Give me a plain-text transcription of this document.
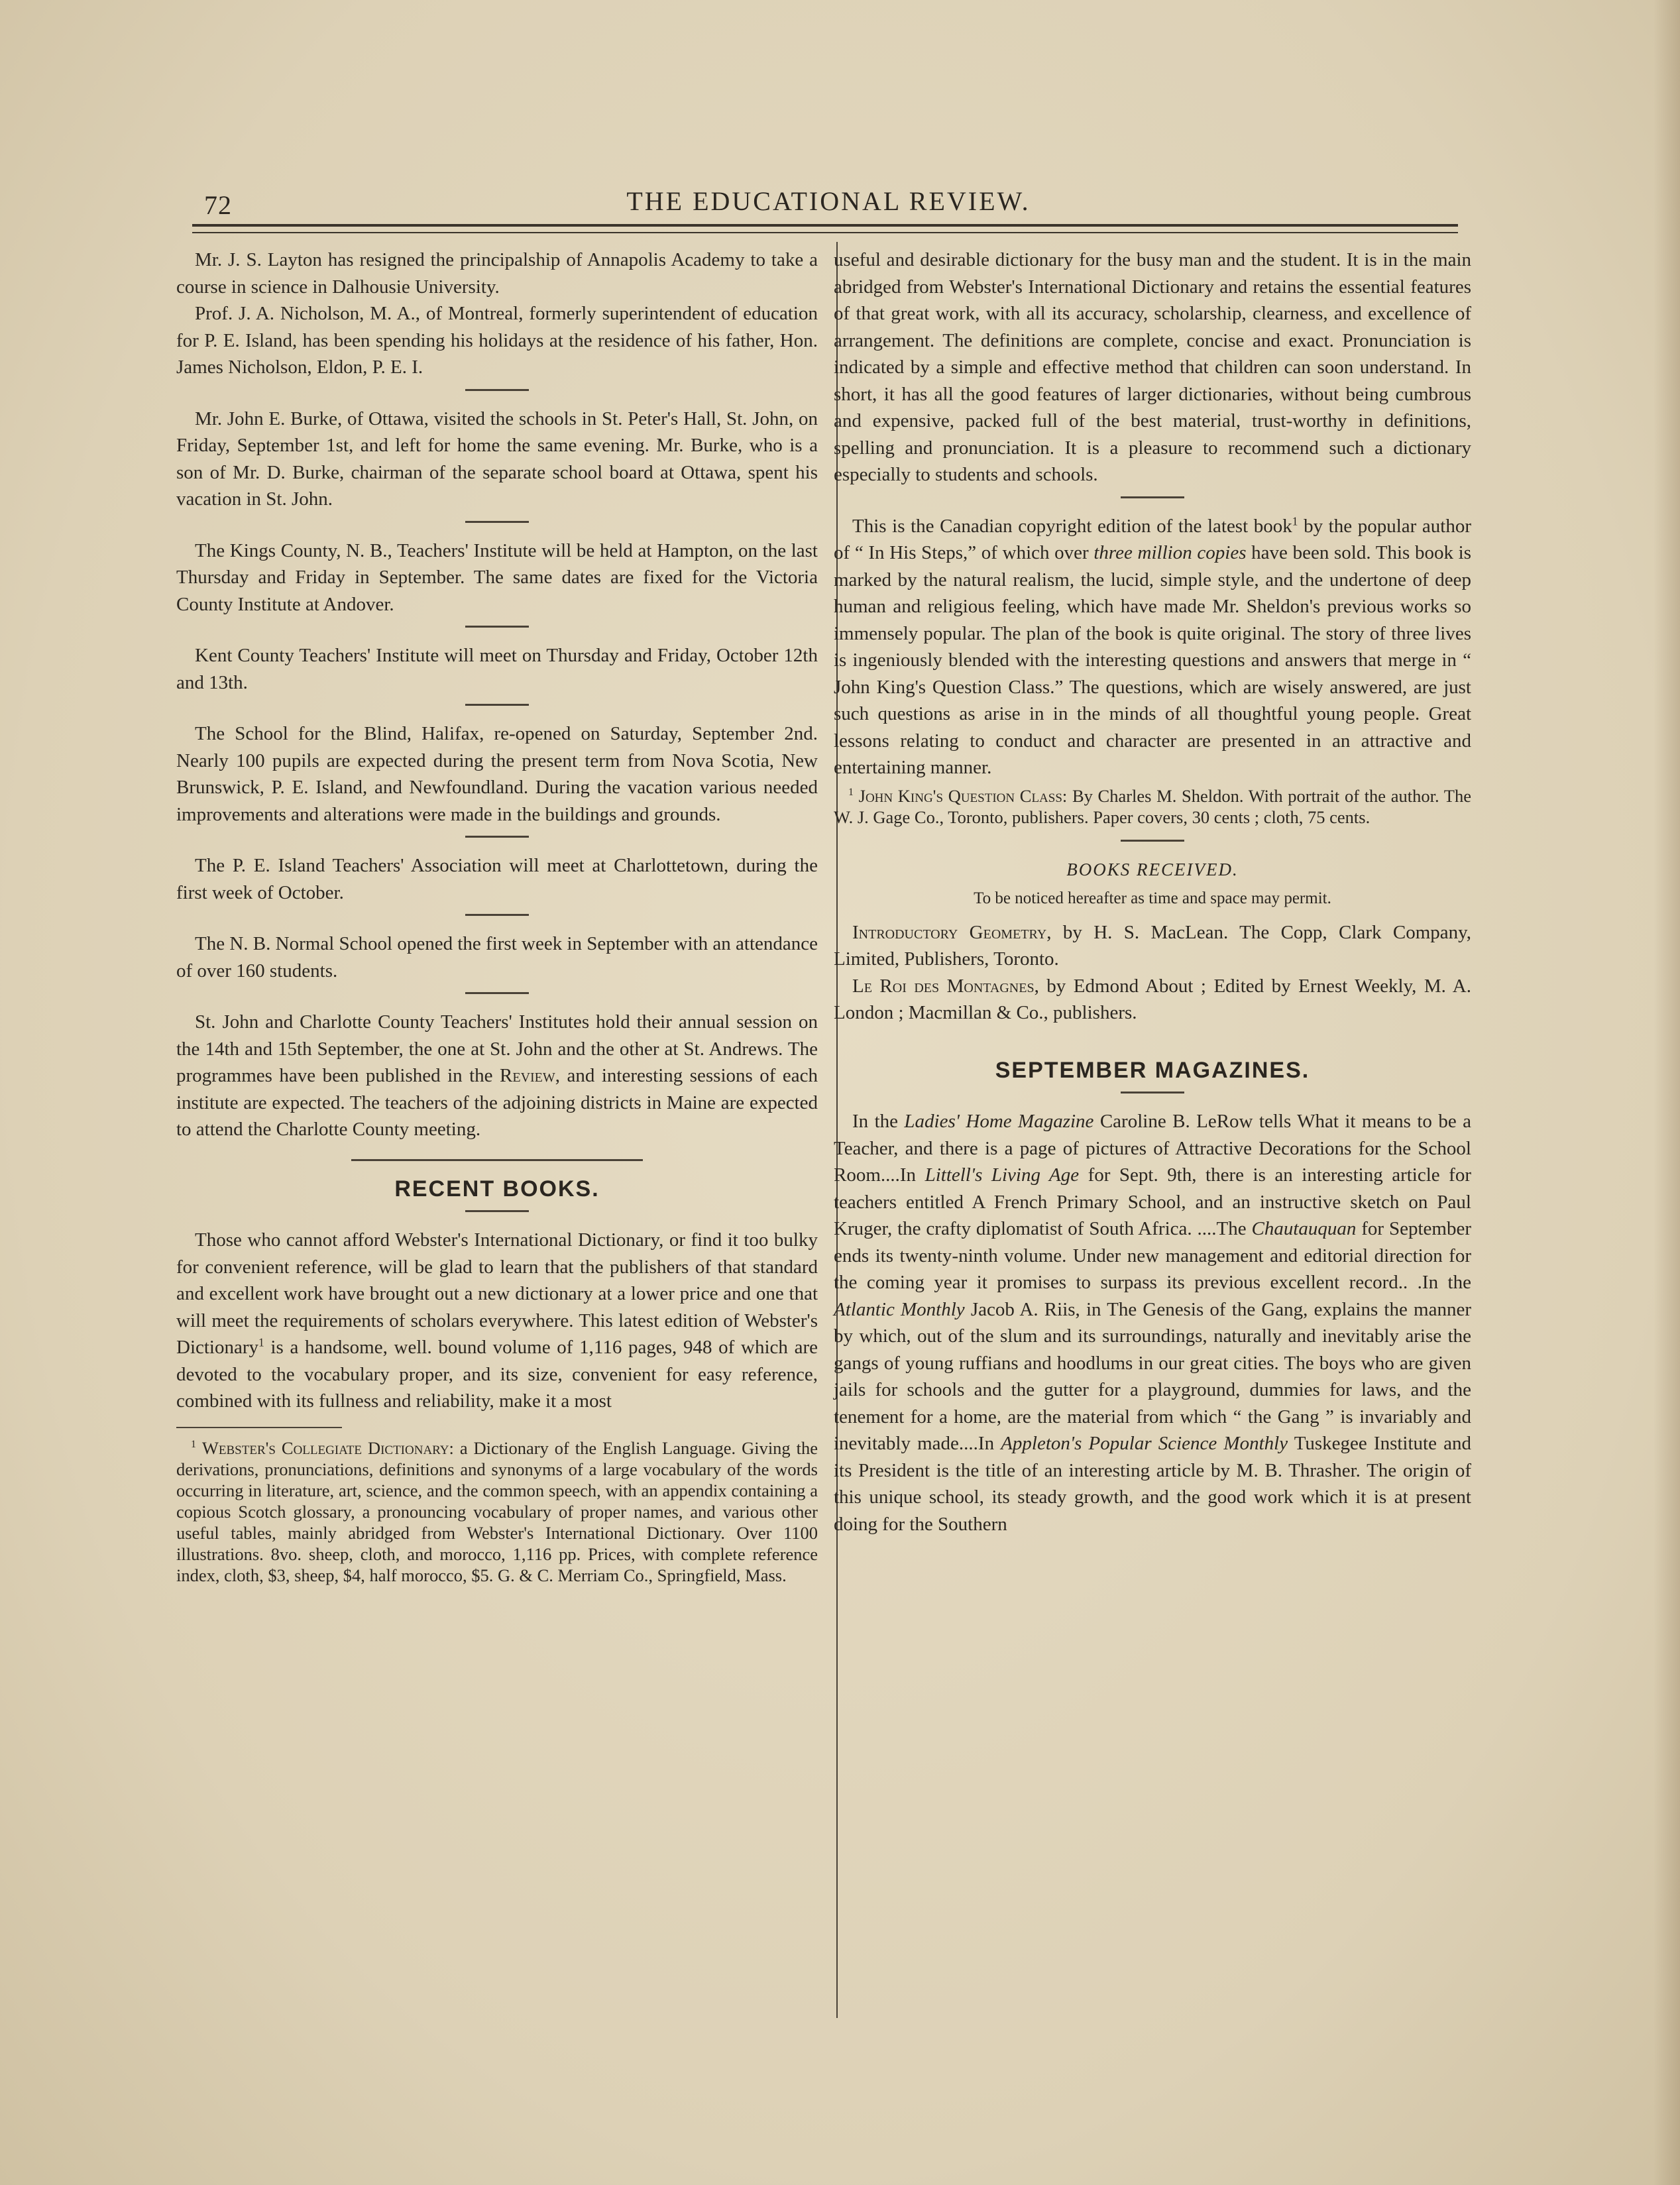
72	THE EDUCATIONAL REVIEW.

Mr. J. S. Layton has resigned the principalship of Annapolis Academy to take a course in science in Dalhousie University.

Prof. J. A. Nicholson, M. A., of Montreal, formerly superintendent of education for P. E. Island, has been spending his holidays at the residence of his father, Hon. James Nicholson, Eldon, P. E. I.

Mr. John E. Burke, of Ottawa, visited the schools in St. Peter's Hall, St. John, on Friday, September 1st, and left for home the same evening. Mr. Burke, who is a son of Mr. D. Burke, chairman of the separate school board at Ottawa, spent his vacation in St. John.

The Kings County, N. B., Teachers' Institute will be held at Hampton, on the last Thursday and Friday in September. The same dates are fixed for the Victoria County Institute at Andover.

Kent County Teachers' Institute will meet on Thursday and Friday, October 12th and 13th.

The School for the Blind, Halifax, re-opened on Saturday, September 2nd. Nearly 100 pupils are expected during the present term from Nova Scotia, New Brunswick, P. E. Island, and Newfoundland. During the vacation various needed improvements and alterations were made in the buildings and grounds.

The P. E. Island Teachers' Association will meet at Charlottetown, during the first week of October.

The N. B. Normal School opened the first week in September with an attendance of over 160 students.

St. John and Charlotte County Teachers' Institutes hold their annual session on the 14th and 15th September, the one at St. John and the other at St. Andrews. The programmes have been published in the Review, and interesting sessions of each institute are expected. The teachers of the adjoining districts in Maine are expected to attend the Charlotte County meeting.

RECENT BOOKS.

Those who cannot afford Webster's International Dictionary, or find it too bulky for convenient reference, will be glad to learn that the publishers of that standard and excellent work have brought out a new dictionary at a lower price and one that will meet the requirements of scholars everywhere. This latest edition of Webster's Dictionary$^1$ is a handsome, well. bound volume of 1,116 pages, 948 of which are devoted to the vocabulary proper, and its size, convenient for easy reference, combined with its fullness and reliability, make it a most

$^1$ Webster's Collegiate Dictionary: a Dictionary of the English Language. Giving the derivations, pronunciations, definitions and synonyms of a large vocabulary of the words occurring in literature, art, science, and the common speech, with an appendix containing a copious Scotch glossary, a pronouncing vocabulary of proper names, and various other useful tables, mainly abridged from Webster's International Dictionary. Over 1100 illustrations. 8vo. sheep, cloth, and morocco, 1,116 pp. Prices, with complete reference index, cloth, $3, sheep, $4, half morocco, $5. G. & C. Merriam Co., Springfield, Mass.

useful and desirable dictionary for the busy man and the student. It is in the main abridged from Webster's International Dictionary and retains the essential features of that great work, with all its accuracy, scholarship, clearness, and excellence of arrangement. The definitions are complete, concise and exact. Pronunciation is indicated by a simple and effective method that children can soon understand. In short, it has all the good features of larger dictionaries, without being cumbrous and expensive, packed full of the best material, trust-worthy in definitions, spelling and pronunciation. It is a pleasure to recommend such a dictionary especially to students and schools.

This is the Canadian copyright edition of the latest book$^1$ by the popular author of “ In His Steps,” of which over three million copies have been sold. This book is marked by the natural realism, the lucid, simple style, and the undertone of deep human and religious feeling, which have made Mr. Sheldon's previous works so immensely popular. The plan of the book is quite original. The story of three lives is ingeniously blended with the interesting questions and answers that merge in “ John King's Question Class.” The questions, which are wisely answered, are just such questions as arise in in the minds of all thoughtful young people. Great lessons relating to conduct and character are presented in an attractive and entertaining manner.

$^1$ John King's Question Class: By Charles M. Sheldon. With portrait of the author. The W. J. Gage Co., Toronto, publishers. Paper covers, 30 cents ; cloth, 75 cents.

BOOKS RECEIVED.
To be noticed hereafter as time and space may permit.

Introductory Geometry, by H. S. MacLean. The Copp, Clark Company, Limited, Publishers, Toronto.

Le Roi des Montagnes, by Edmond About ; Edited by Ernest Weekly, M. A. London ; Macmillan & Co., publishers.

SEPTEMBER MAGAZINES.

In the Ladies' Home Magazine Caroline B. LeRow tells What it means to be a Teacher, and there is a page of pictures of Attractive Decorations for the School Room....In Littell's Living Age for Sept. 9th, there is an interesting article for teachers entitled A French Primary School, and an instructive sketch on Paul Kruger, the crafty diplomatist of South Africa. ....The Chautauquan for September ends its twenty-ninth volume. Under new management and editorial direction for the coming year it promises to surpass its previous excellent record.. .In the Atlantic Monthly Jacob A. Riis, in The Genesis of the Gang, explains the manner by which, out of the slum and its surroundings, naturally and inevitably arise the gangs of young ruffians and hoodlums in our great cities. The boys who are given jails for schools and the gutter for a playground, dummies for laws, and the tenement for a home, are the material from which “ the Gang ” is invariably and inevitably made....In Appleton's Popular Science Monthly Tuskegee Institute and its President is the title of an interesting article by M. B. Thrasher. The origin of this unique school, its steady growth, and the good work which it is at present doing for the Southern
